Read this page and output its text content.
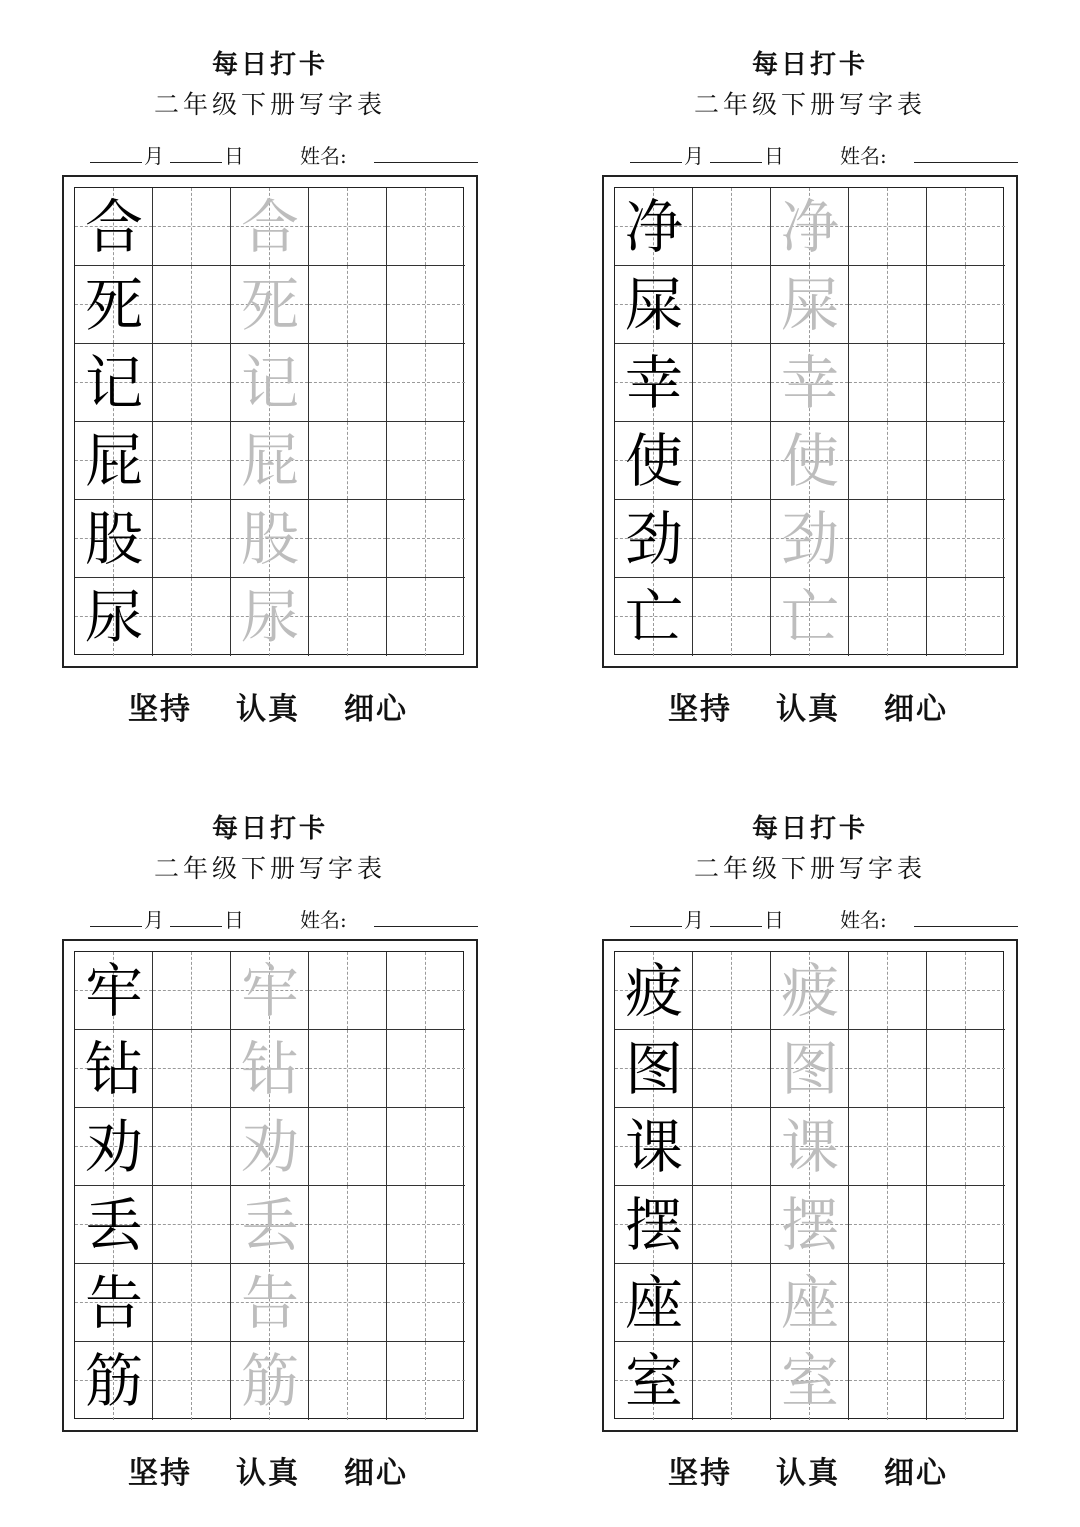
每日打卡
二年级下册写字表
月	日	姓名:
合 合
死 死
记 记
屁 屁
股 股
尿 尿
坚持 认真 细心
每日打卡
二年级下册写字表
月	日	姓名:
净 净
屎 屎
幸 幸
使 使
劲 劲
亡 亡
坚持 认真 细心
每日打卡
二年级下册写字表
月	日	姓名:
牢 牢
钻 钻
劝 劝
丢 丢
告 告
筋 筋
坚持 认真 细心
每日打卡
二年级下册写字表
月	日	姓名:
疲 疲
图 图
课 课
摆 摆
座 座
室 室
坚持 认真 细心
